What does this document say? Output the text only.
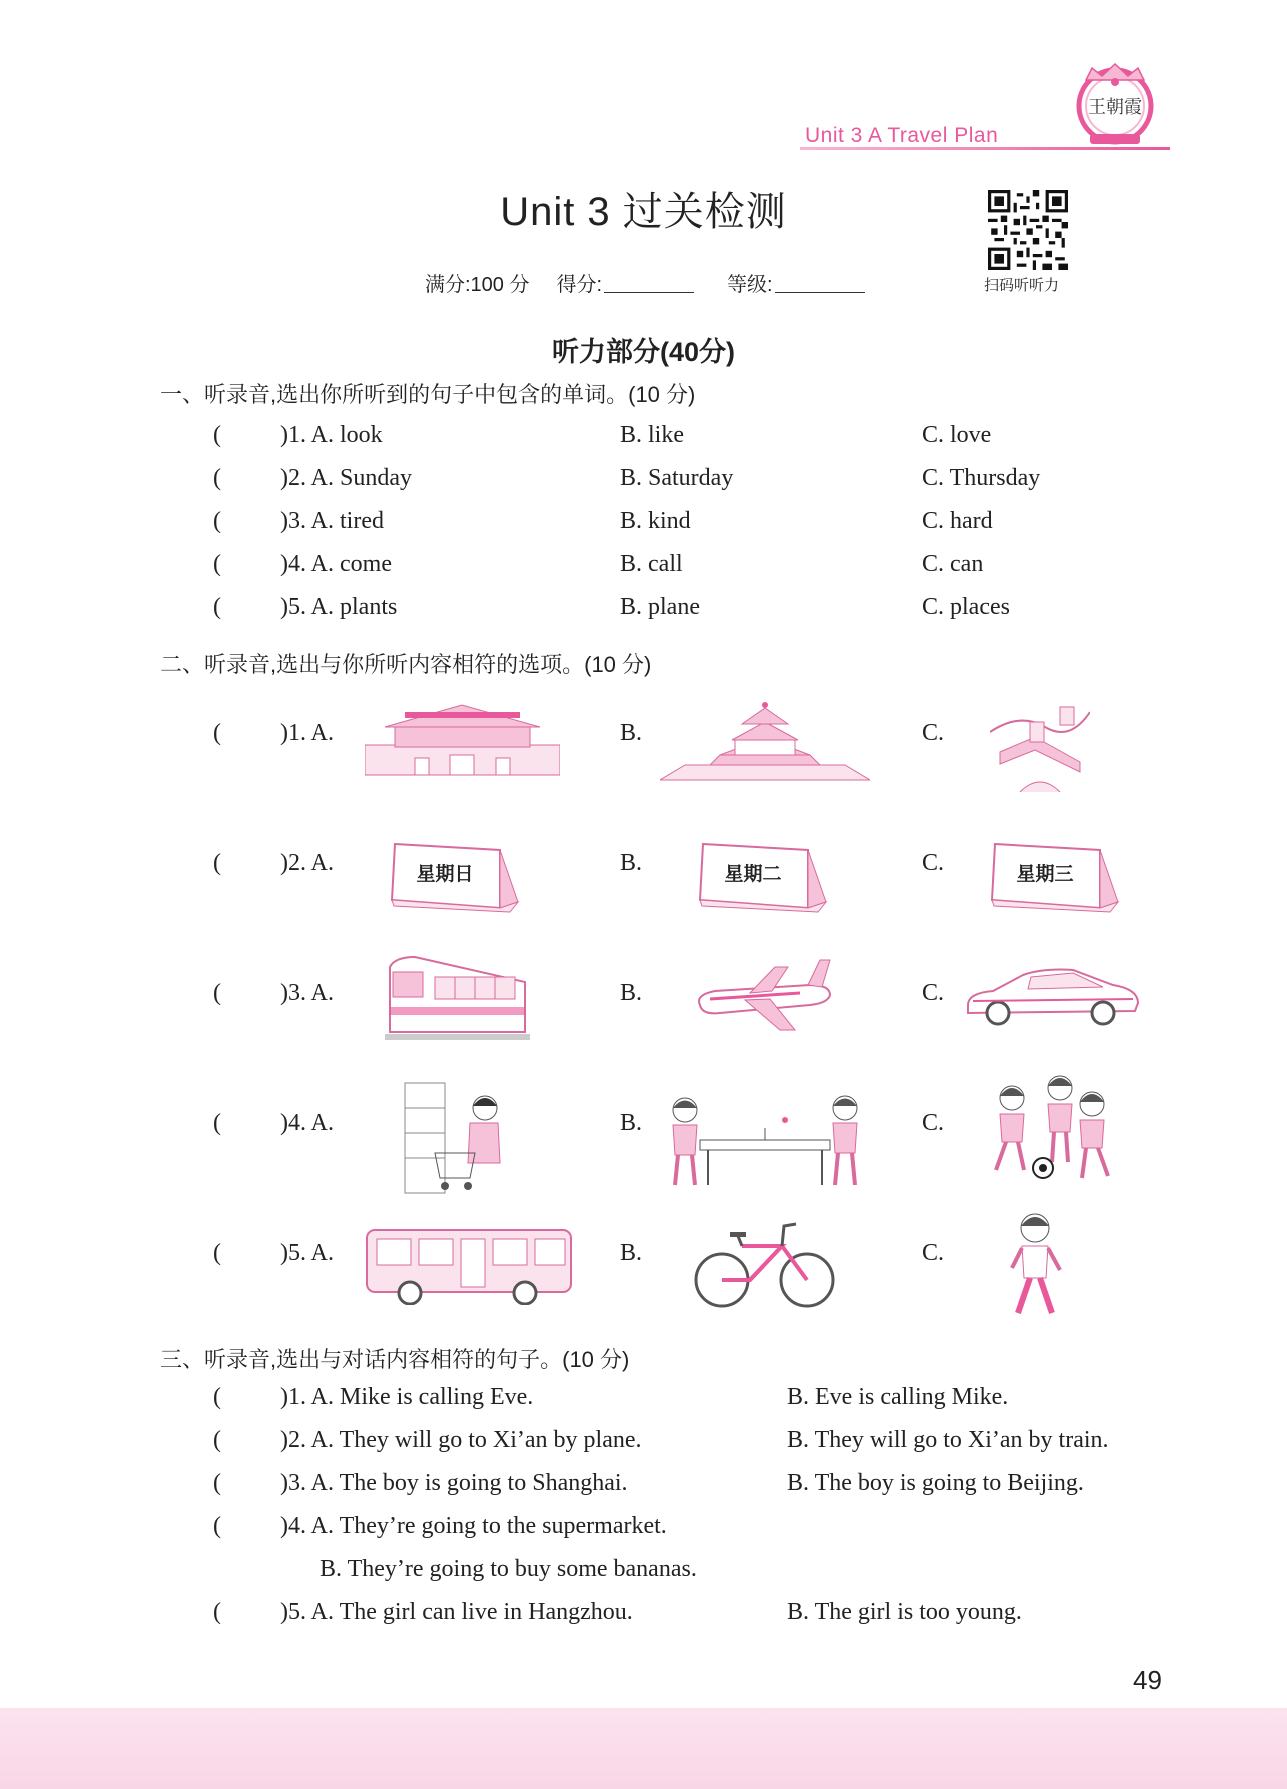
Unit 3 A Travel Plan
王朝霞
Unit 3 过关检测
扫码听听力
满分:100 分 得分:	等级:
听力部分(40分)
一、听录音,选出你所听到的句子中包含的单词。(10 分)
( )1. A. look	B. like	C. love
( )2. A. Sunday	B. Saturday	C. Thursday
( )3. A. tired	B. kind	C. hard
( )4. A. come	B. call	C. can
( )5. A. plants	B. plane	C. places
二、听录音,选出与你所听内容相符的选项。(10 分)
( )1. A.	B.	C.
( )2. A.	B.	C.
星期日	星期二	星期三
( )3. A.	B.	C.
( )4. A.	B.	C.
( )5. A.	B.	C.
三、听录音,选出与对话内容相符的句子。(10 分)
( )1. A. Mike is calling Eve.	B. Eve is calling Mike.
( )2. A. They will go to Xi’an by plane.	B. They will go to Xi’an by train.
( )3. A. The boy is going to Shanghai.	B. The boy is going to Beijing.
( )4. A. They’re going to the supermarket.
B. They’re going to buy some bananas.
( )5. A. The girl can live in Hangzhou.	B. The girl is too young.
49
